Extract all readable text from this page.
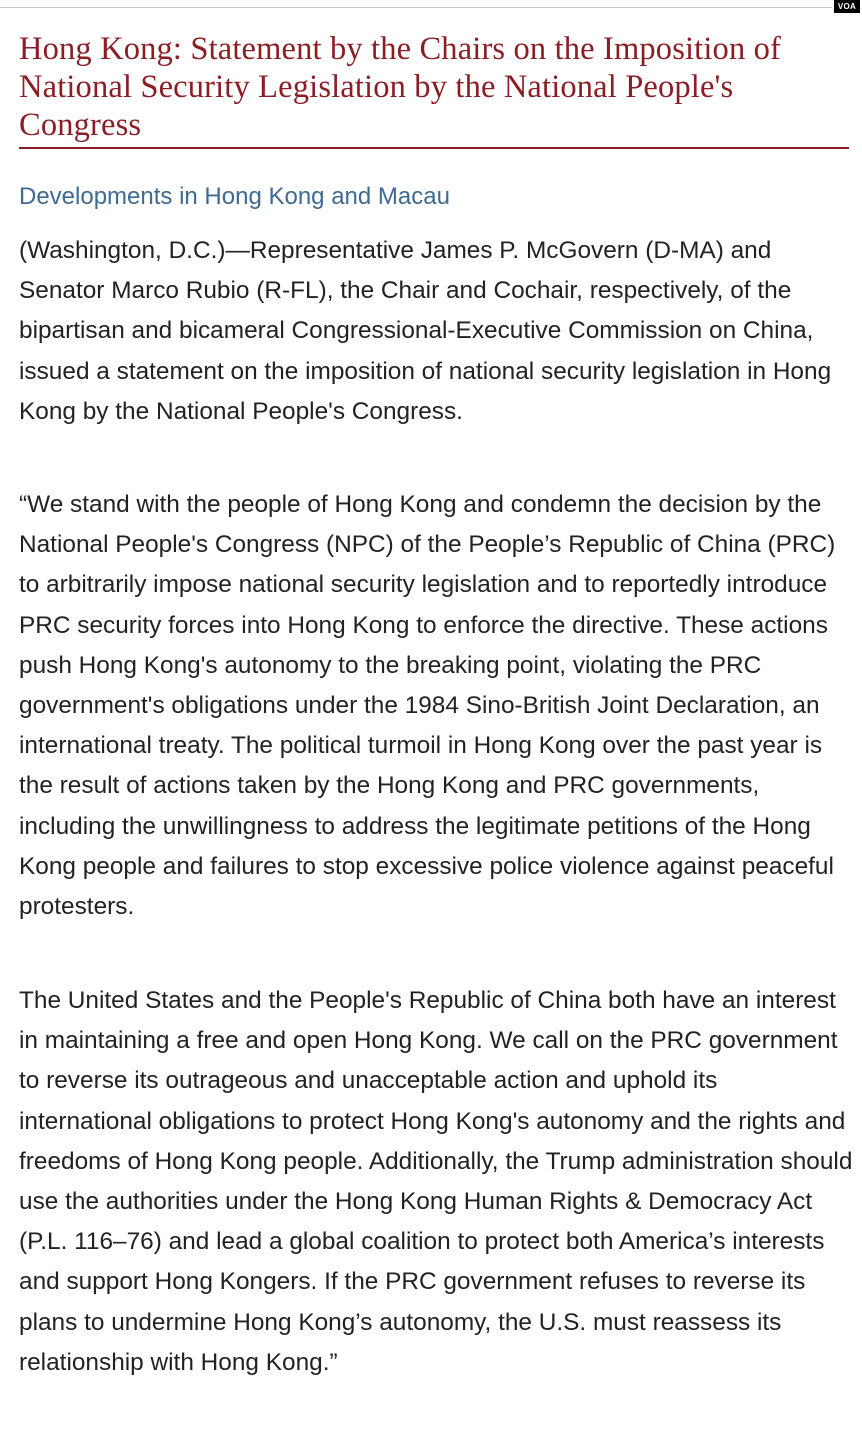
VOA
Hong Kong: Statement by the Chairs on the Imposition of National Security Legislation by the National People's Congress
Developments in Hong Kong and Macau

(Washington, D.C.)—Representative James P. McGovern (D-MA) and Senator Marco Rubio (R-FL), the Chair and Cochair, respectively, of the bipartisan and bicameral Congressional-Executive Commission on China, issued a statement on the imposition of national security legislation in Hong Kong by the National People's Congress.

“We stand with the people of Hong Kong and condemn the decision by the National People's Congress (NPC) of the People’s Republic of China (PRC) to arbitrarily impose national security legislation and to reportedly introduce PRC security forces into Hong Kong to enforce the directive. These actions push Hong Kong's autonomy to the breaking point, violating the PRC government's obligations under the 1984 Sino-British Joint Declaration, an international treaty. The political turmoil in Hong Kong over the past year is the result of actions taken by the Hong Kong and PRC governments, including the unwillingness to address the legitimate petitions of the Hong Kong people and failures to stop excessive police violence against peaceful protesters.

The United States and the People's Republic of China both have an interest in maintaining a free and open Hong Kong. We call on the PRC government to reverse its outrageous and unacceptable action and uphold its international obligations to protect Hong Kong's autonomy and the rights and freedoms of Hong Kong people. Additionally, the Trump administration should use the authorities under the Hong Kong Human Rights & Democracy Act (P.L. 116–76) and lead a global coalition to protect both America’s interests and support Hong Kongers. If the PRC government refuses to reverse its plans to undermine Hong Kong’s autonomy, the U.S. must reassess its relationship with Hong Kong.”
